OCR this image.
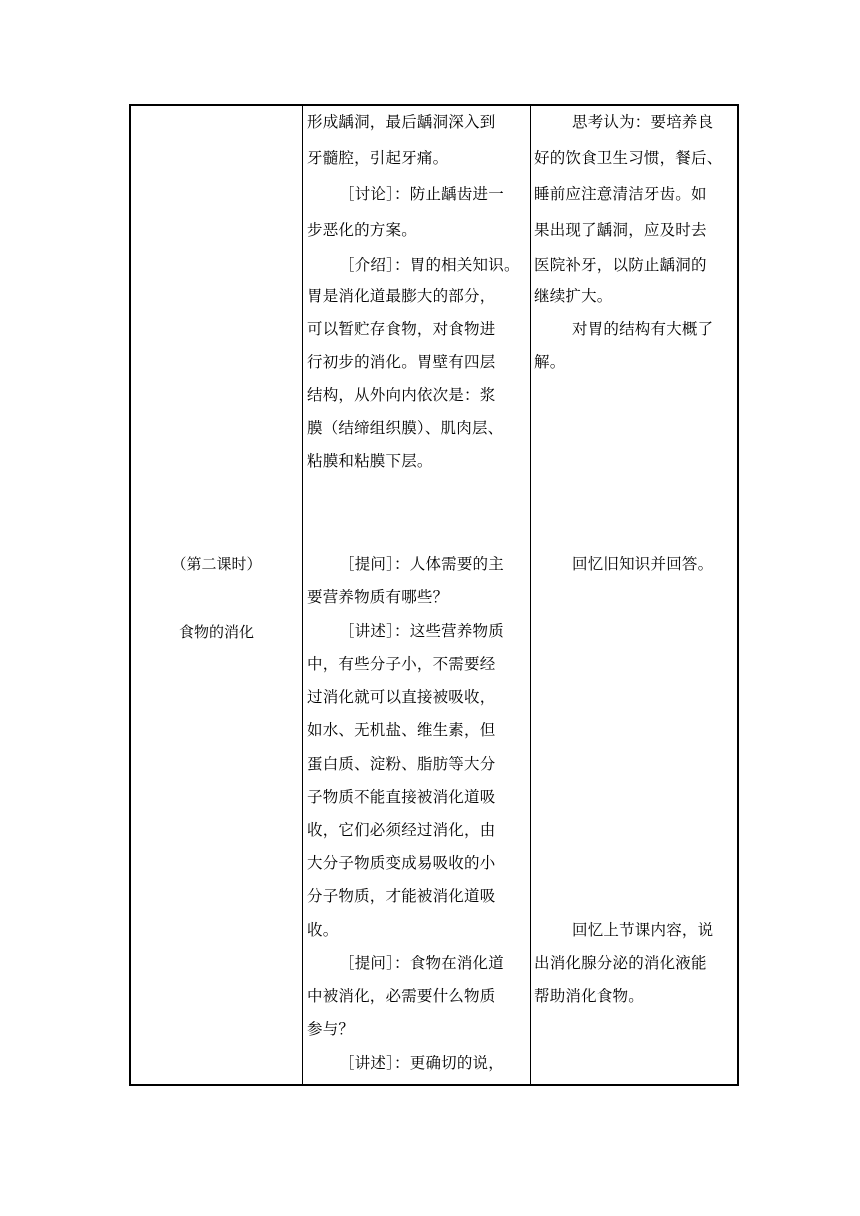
（第二课时）
食物的消化
形成龋洞，最后龋洞深入到
牙髓腔，引起牙痛。
［讨论］：防止龋齿进一
步恶化的方案。
［介绍］：胃的相关知识。
胃是消化道最膨大的部分，
可以暂贮存食物，对食物进
行初步的消化。胃壁有四层
结构，从外向内依次是：浆
膜（结缔组织膜）、肌肉层、
粘膜和粘膜下层。
［提问］：人体需要的主
要营养物质有哪些？
［讲述］：这些营养物质
中，有些分子小，不需要经
过消化就可以直接被吸收，
如水、无机盐、维生素，但
蛋白质、淀粉、脂肪等大分
子物质不能直接被消化道吸
收，它们必须经过消化，由
大分子物质变成易吸收的小
分子物质，才能被消化道吸
收。
［提问］：食物在消化道
中被消化，必需要什么物质
参与？
［讲述］：更确切的说，
思考认为：要培养良
好的饮食卫生习惯，餐后、
睡前应注意清洁牙齿。如
果出现了龋洞，应及时去
医院补牙，以防止龋洞的
继续扩大。
对胃的结构有大概了
解。
回忆旧知识并回答。
回忆上节课内容，说
出消化腺分泌的消化液能
帮助消化食物。
